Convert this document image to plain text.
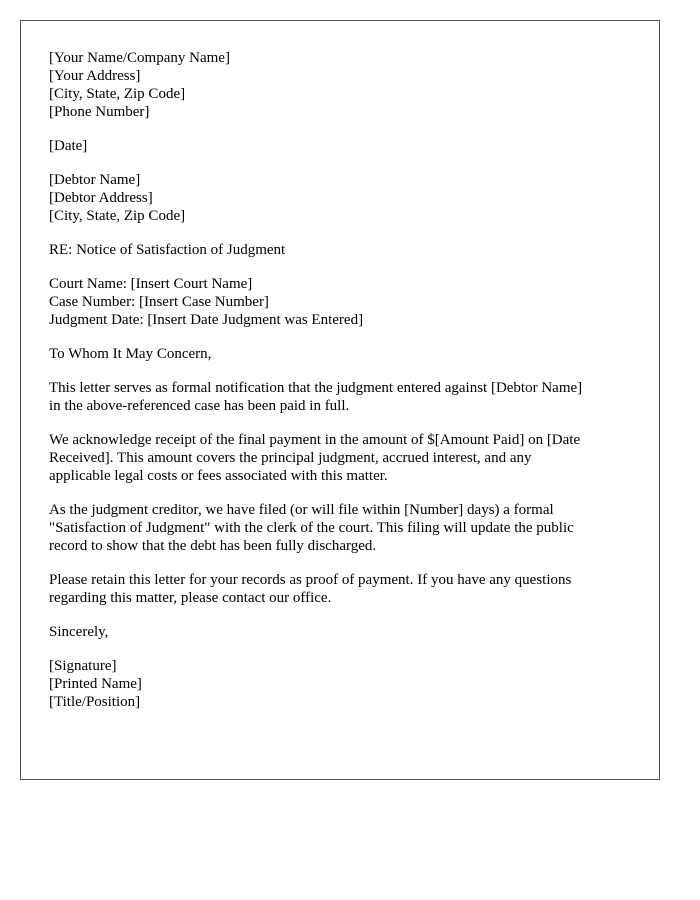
[Your Name/Company Name]
[Your Address]
[City, State, Zip Code]
[Phone Number]
[Date]
[Debtor Name]
[Debtor Address]
[City, State, Zip Code]
RE: Notice of Satisfaction of Judgment
Court Name: [Insert Court Name]
Case Number: [Insert Case Number]
Judgment Date: [Insert Date Judgment was Entered]
To Whom It May Concern,
This letter serves as formal notification that the judgment entered against [Debtor Name]
in the above-referenced case has been paid in full.
We acknowledge receipt of the final payment in the amount of $[Amount Paid] on [Date
Received]. This amount covers the principal judgment, accrued interest, and any
applicable legal costs or fees associated with this matter.
As the judgment creditor, we have filed (or will file within [Number] days) a formal
"Satisfaction of Judgment" with the clerk of the court. This filing will update the public
record to show that the debt has been fully discharged.
Please retain this letter for your records as proof of payment. If you have any questions
regarding this matter, please contact our office.
Sincerely,
[Signature]
[Printed Name]
[Title/Position]
